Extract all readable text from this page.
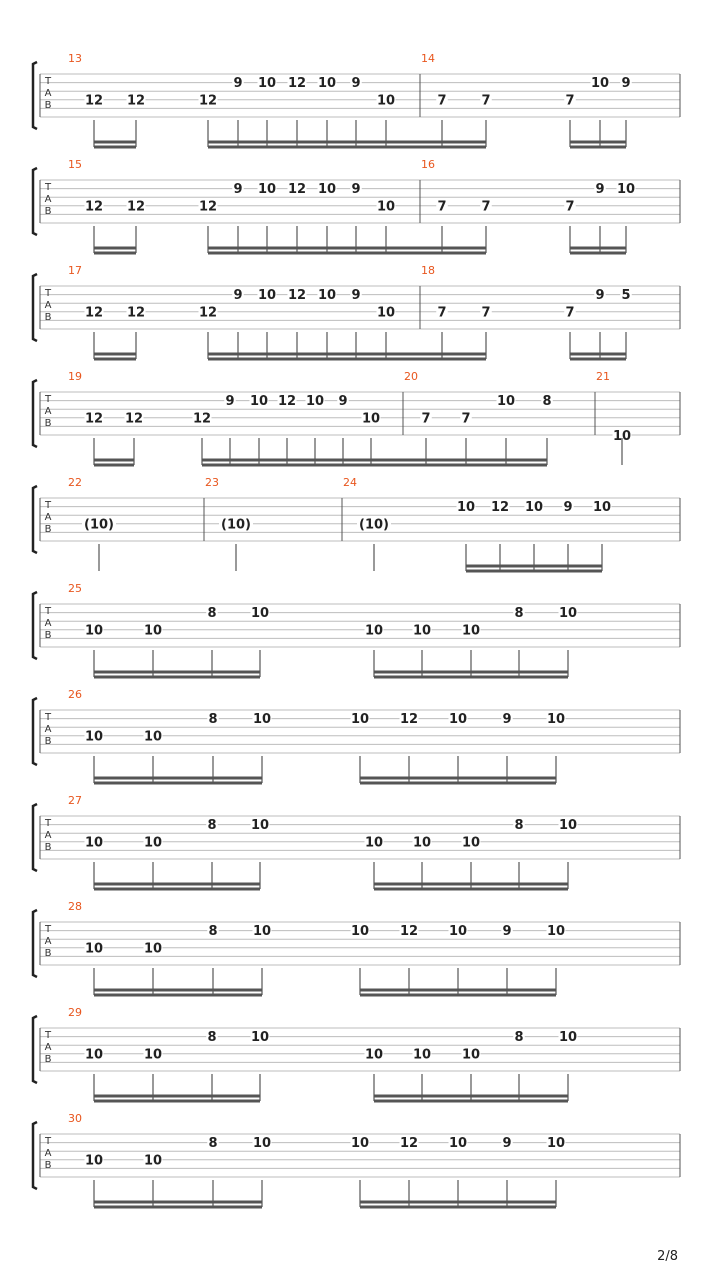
T
A
B
13	14
12 12	12
9 10 12 10 9
10	7	7	7
10 9
T
A
B
15	16
12 12	12
9 10 12 10 9
10	7	7	7
9 10
T
A
B
17	18
12 12	12
9 10 12 10 9
10	7	7	7
9 5
T
A
B
19	20	21
12 12	12
9 10 12 10 9
10	7 7
10 8
10
T
A
B
22	23	24
(10)	(10)	(10)
10 12 10 9 10
T
A
B
25
10	10
8	10
10 10 10
8	10
T
A
B
26
10	10
8	10	10 12 10	9	10
T
A
B
27
10	10
8	10
10 10 10
8	10
T
A
B
28
10	10
8	10	10 12 10	9	10
T
A
B
29
10	10
8	10
10 10 10
8	10
T
A
B
30
10	10
8	10	10 12 10	9	10
2/8
